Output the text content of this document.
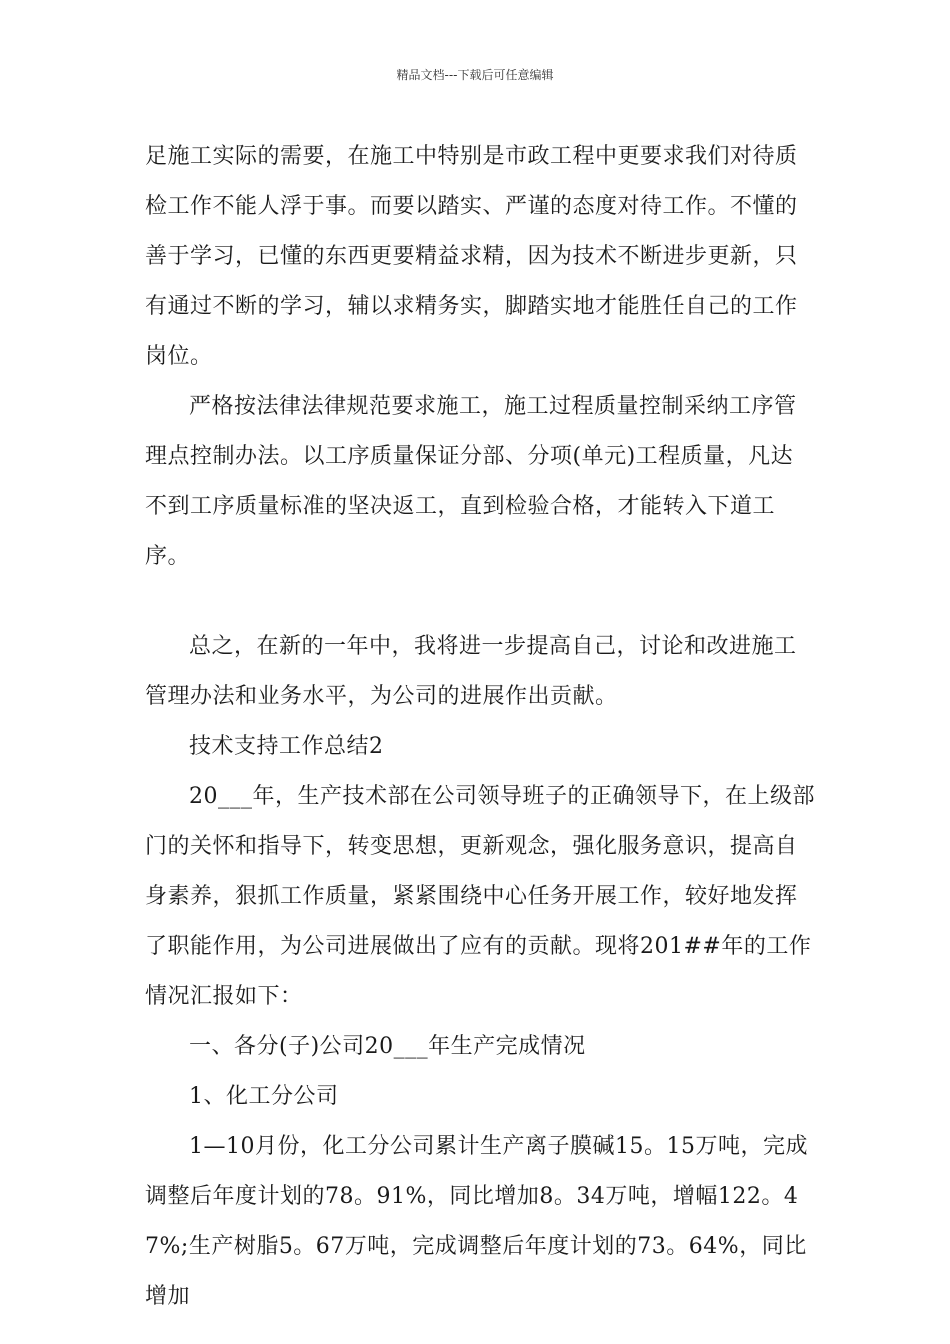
精品文档---下载后可任意编辑

足施工实际的需要，在施工中特别是市政工程中更要求我们对待质检工作不能人浮于事。而要以踏实、严谨的态度对待工作。不懂的善于学习，已懂的东西更要精益求精，因为技术不断进步更新，只有通过不断的学习，辅以求精务实，脚踏实地才能胜任自己的工作岗位。

严格按法律法律规范要求施工，施工过程质量控制采纳工序管理点控制办法。以工序质量保证分部、分项(单元)工程质量，凡达不到工序质量标准的坚决返工，直到检验合格，才能转入下道工序。

总之，在新的一年中，我将进一步提高自己，讨论和改进施工管理办法和业务水平，为公司的进展作出贡献。

技术支持工作总结2

20___年，生产技术部在公司领导班子的正确领导下，在上级部门的关怀和指导下，转变思想，更新观念，强化服务意识，提高自身素养，狠抓工作质量，紧紧围绕中心任务开展工作，较好地发挥了职能作用，为公司进展做出了应有的贡献。现将201##年的工作情况汇报如下：

一、各分(子)公司20___年生产完成情况

1、化工分公司

1—10月份，化工分公司累计生产离子膜碱15。15万吨，完成调整后年度计划的78。91%，同比增加8。34万吨，增幅122。47%;生产树脂5。67万吨，完成调整后年度计划的73。64%，同比增加
